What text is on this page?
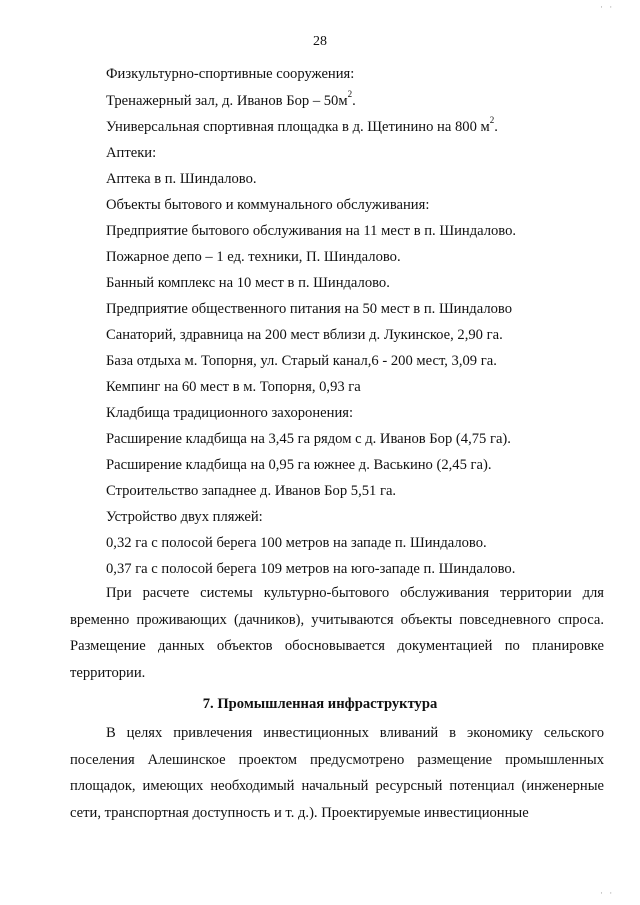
28
Физкультурно-спортивные сооружения:
Тренажерный зал, д. Иванов Бор – $50м^2$.
Универсальная спортивная площадка в д. Щетинино на 800 $м^2$.
Аптеки:
Аптека в п. Шиндалово.
Объекты бытового и коммунального обслуживания:
Предприятие бытового обслуживания на 11 мест в п. Шиндалово.
Пожарное депо – 1 ед. техники, П. Шиндалово.
Банный комплекс на 10 мест в п. Шиндалово.
Предприятие общественного питания на 50 мест в п. Шиндалово
Санаторий, здравница на 200 мест вблизи д. Лукинское, 2,90 га.
База отдыха м. Топорня, ул. Старый канал,6 - 200 мест, 3,09 га.
Кемпинг на 60 мест в м. Топорня, 0,93 га
Кладбища традиционного захоронения:
Расширение кладбища на 3,45 га рядом с д. Иванов Бор (4,75 га).
Расширение кладбища на 0,95 га южнее д. Васькино (2,45 га).
Строительство западнее д. Иванов Бор 5,51 га.
Устройство двух пляжей:
0,32 га с полосой берега 100 метров на западе п. Шиндалово.
0,37 га с полосой берега 109 метров на юго-западе п. Шиндалово.
При расчете системы культурно-бытового обслуживания территории для временно проживающих (дачников), учитываются объекты повседневного спроса. Размещение данных объектов обосновывается документацией по планировке территории.
7. Промышленная инфраструктура
В целях привлечения инвестиционных вливаний в экономику сельского поселения Алешинское проектом предусмотрено размещение промышленных площадок, имеющих необходимый начальный ресурсный потенциал (инженерные сети, транспортная доступность и т. д.). Проектируемые инвестиционные
· ·
· ·
